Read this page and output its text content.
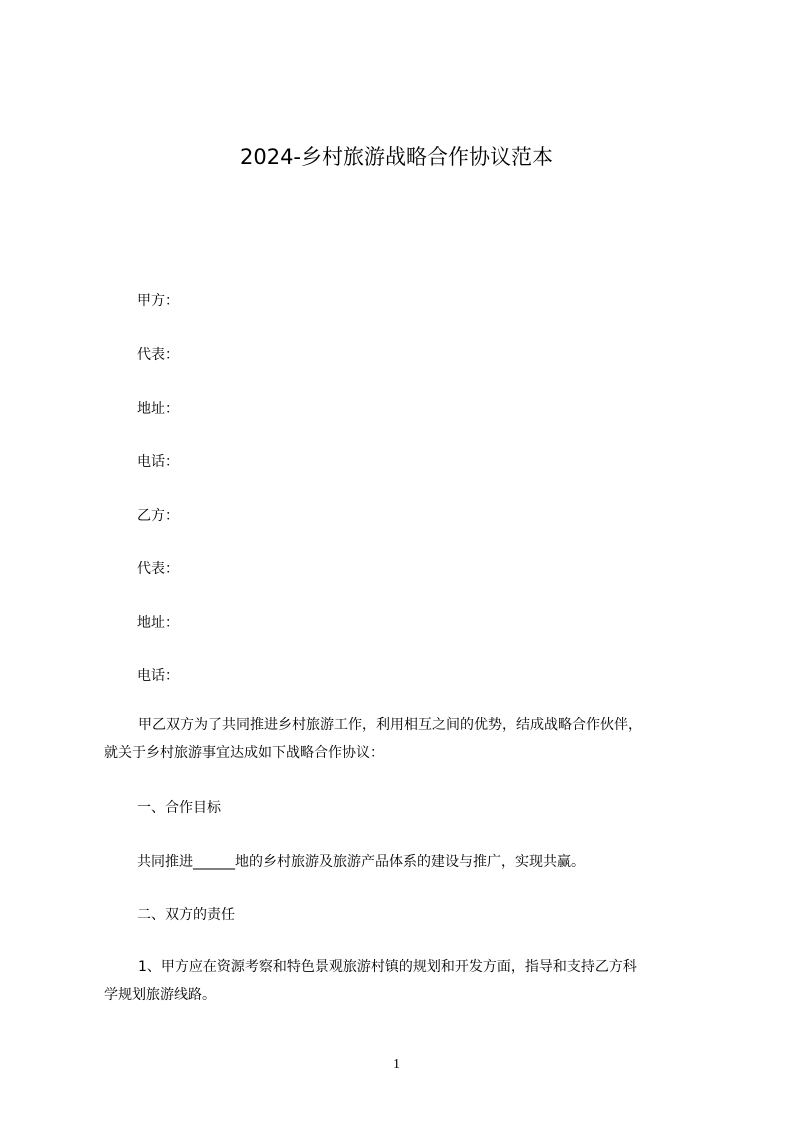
2024-乡村旅游战略合作协议范本
甲方：
代表：
地址：
电话：
乙方：
代表：
地址：
电话：
甲乙双方为了共同推进乡村旅游工作，利用相互之间的优势，结成战略合作伙伴，
就关于乡村旅游事宜达成如下战略合作协议：
一、合作目标
共同推进______地的乡村旅游及旅游产品体系的建设与推广，实现共赢。
二、双方的责任
1、甲方应在资源考察和特色景观旅游村镇的规划和开发方面，指导和支持乙方科
学规划旅游线路。
1
